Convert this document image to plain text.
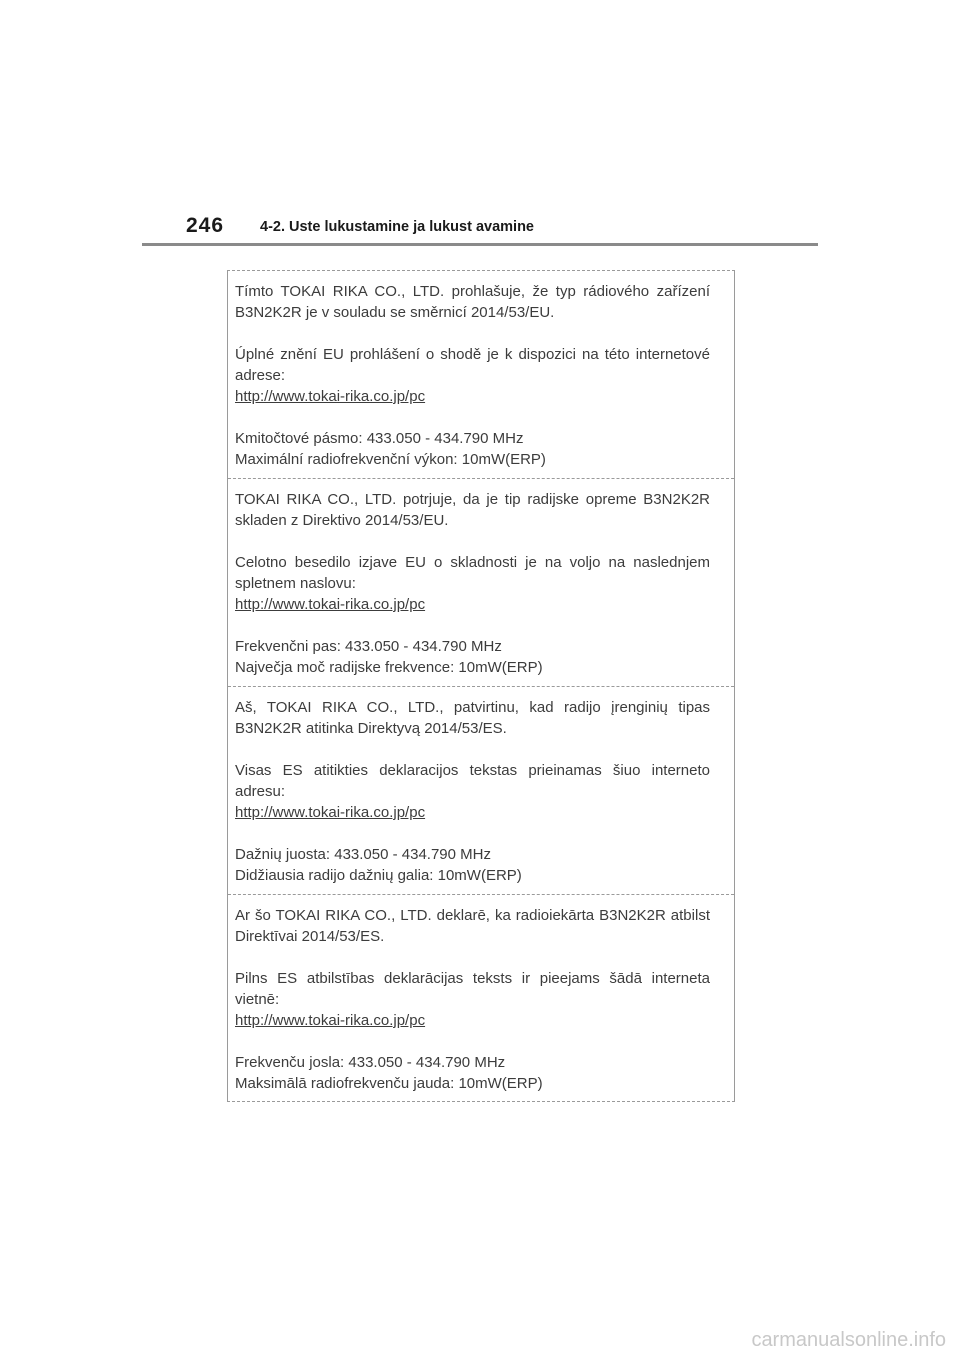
246 4-2. Uste lukustamine ja lukust avamine

Tímto TOKAI RIKA CO., LTD. prohlašuje, že typ rádiového zařízení B3N2K2R je v souladu se směrnicí 2014/53/EU.

Úplné znění EU prohlášení o shodě je k dispozici na této internetové adrese:

http://www.tokai-rika.co.jp/pc

Kmitočtové pásmo: 433.050 - 434.790 MHz

Maximální radiofrekvenční výkon: 10mW(ERP)

TOKAI RIKA CO., LTD. potrjuje, da je tip radijske opreme B3N2K2R skladen z Direktivo 2014/53/EU.

Celotno besedilo izjave EU o skladnosti je na voljo na naslednjem spletnem naslovu:

http://www.tokai-rika.co.jp/pc

Frekvenčni pas: 433.050 - 434.790 MHz

Največja moč radijske frekvence: 10mW(ERP)

Aš, TOKAI RIKA CO., LTD., patvirtinu, kad radijo įrenginių tipas B3N2K2R atitinka Direktyvą 2014/53/ES.

Visas ES atitikties deklaracijos tekstas prieinamas šiuo interneto adresu:

http://www.tokai-rika.co.jp/pc

Dažnių juosta: 433.050 - 434.790 MHz

Didžiausia radijo dažnių galia: 10mW(ERP)

Ar šo TOKAI RIKA CO., LTD. deklarē, ka radioiekārta B3N2K2R atbilst Direktīvai 2014/53/ES.

Pilns ES atbilstības deklarācijas teksts ir pieejams šādā interneta vietnē:

http://www.tokai-rika.co.jp/pc

Frekvenču josla: 433.050 - 434.790 MHz

Maksimālā radiofrekvenču jauda: 10mW(ERP)

carmanualsonline.info
